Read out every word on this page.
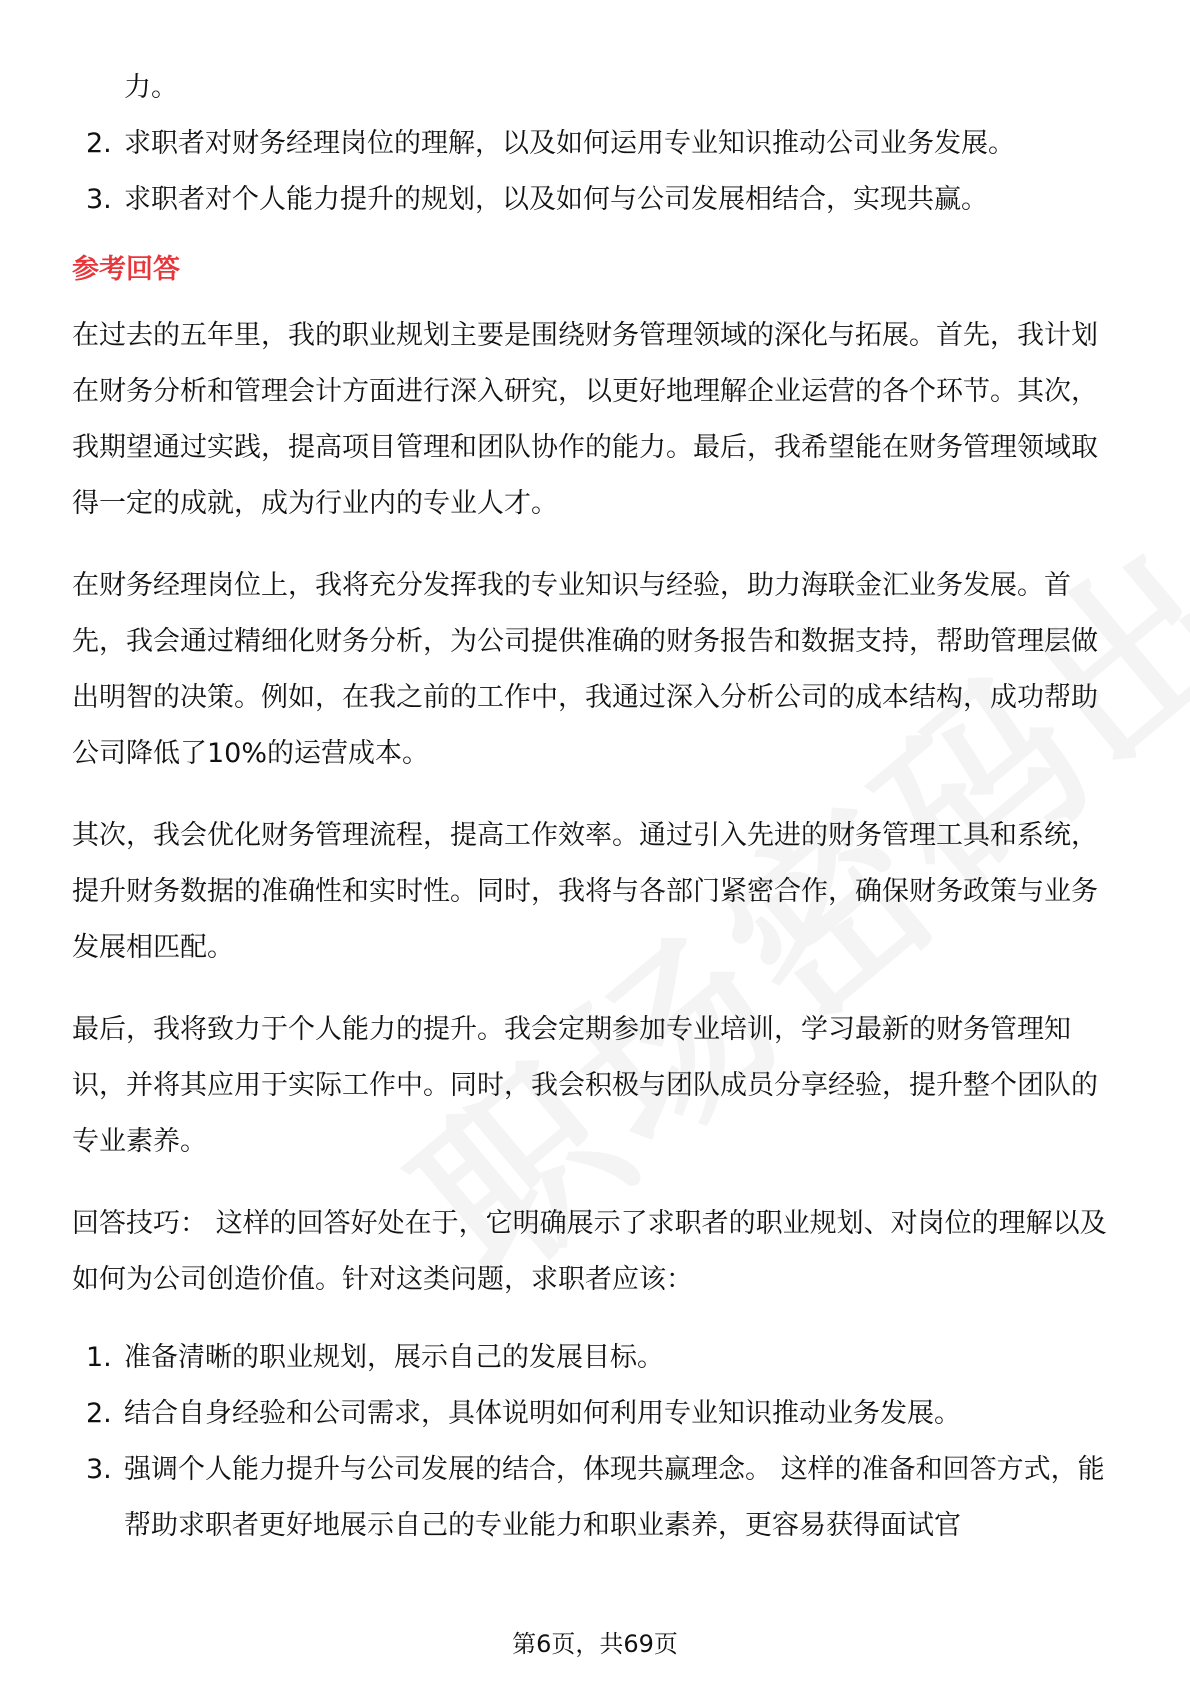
力。
2. 求职者对财务经理岗位的理解，以及如何运用专业知识推动公司业务发展。
3. 求职者对个人能力提升的规划，以及如何与公司发展相结合，实现共赢。
参考回答

在过去的五年里，我的职业规划主要是围绕财务管理领域的深化与拓展。首先，我计划在财务分析和管理会计方面进行深入研究，以更好地理解企业运营的各个环节。其次，我期望通过实践，提高项目管理和团队协作的能力。最后，我希望能在财务管理领域取得一定的成就，成为行业内的专业人才。

在财务经理岗位上，我将充分发挥我的专业知识与经验，助力海联金汇业务发展。首先，我会通过精细化财务分析，为公司提供准确的财务报告和数据支持，帮助管理层做出明智的决策。例如，在我之前的工作中，我通过深入分析公司的成本结构，成功帮助公司降低了10%的运营成本。

其次，我会优化财务管理流程，提高工作效率。通过引入先进的财务管理工具和系统，提升财务数据的准确性和实时性。同时，我将与各部门紧密合作，确保财务政策与业务发展相匹配。

最后，我将致力于个人能力的提升。我会定期参加专业培训，学习最新的财务管理知识，并将其应用于实际工作中。同时，我会积极与团队成员分享经验，提升整个团队的专业素养。

回答技巧： 这样的回答好处在于，它明确展示了求职者的职业规划、对岗位的理解以及如何为公司创造价值。针对这类问题，求职者应该：

1. 准备清晰的职业规划，展示自己的发展目标。
2. 结合自身经验和公司需求，具体说明如何利用专业知识推动业务发展。
3. 强调个人能力提升与公司发展的结合，体现共赢理念。 这样的准备和回答方式，能帮助求职者更好地展示自己的专业能力和职业素养，更容易获得面试官
第6页，共69页
